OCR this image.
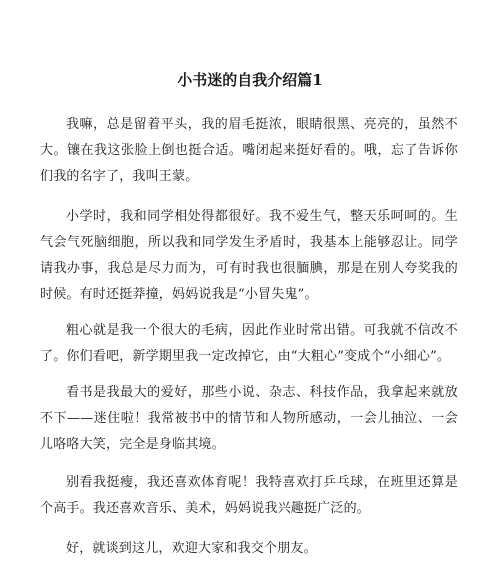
小书迷的自我介绍篇1

我嘛，总是留着平头，我的眉毛挺浓，眼睛很黑、亮亮的，虽然不大。镶在我这张脸上倒也挺合适。嘴闭起来挺好看的。哦，忘了告诉你们我的名字了，我叫王蒙。

小学时，我和同学相处得都很好。我不爱生气，整天乐呵呵的。生气会气死脑细胞，所以我和同学发生矛盾时，我基本上能够忍让。同学请我办事，我总是尽力而为，可有时我也很腼腆，那是在别人夸奖我的时候。有时还挺莽撞，妈妈说我是“小冒失鬼”。

粗心就是我一个很大的毛病，因此作业时常出错。可我就不信改不了。你们看吧，新学期里我一定改掉它，由“大粗心”变成个“小细心”。

看书是我最大的爱好，那些小说、杂志、科技作品，我拿起来就放不下——迷住啦！我常被书中的情节和人物所感动，一会儿抽泣、一会儿咯咯大笑，完全是身临其境。

别看我挺瘦，我还喜欢体育呢！我特喜欢打乒乓球，在班里还算是个高手。我还喜欢音乐、美术，妈妈说我兴趣挺广泛的。

好，就谈到这儿，欢迎大家和我交个朋友。
